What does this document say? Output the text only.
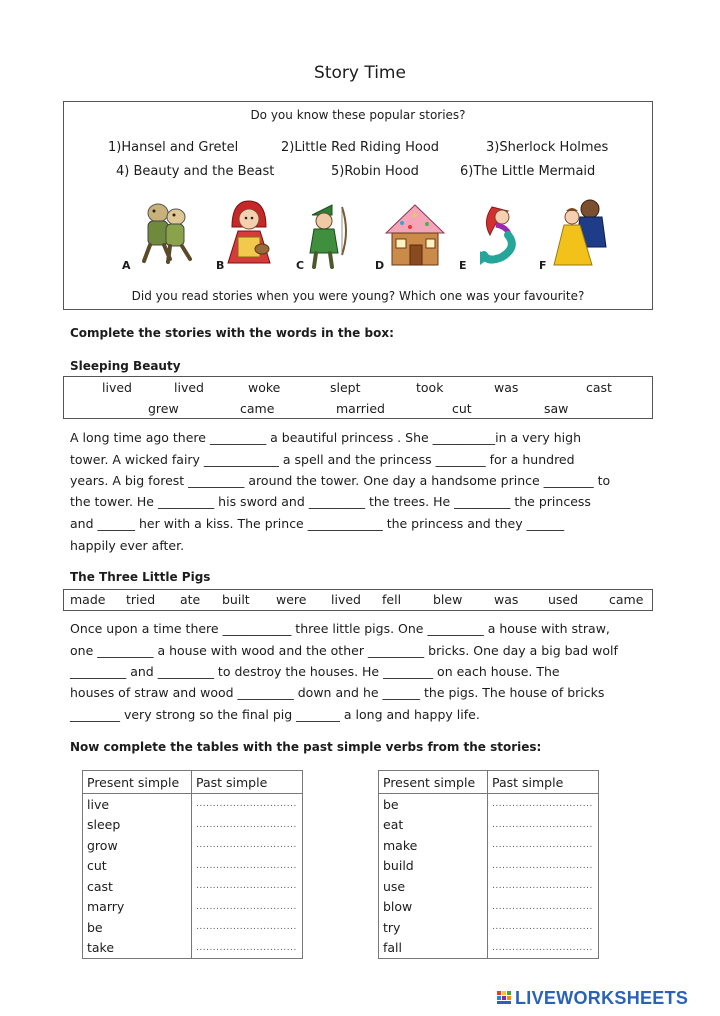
Story Time
Do you know these popular stories?
1)Hansel and Gretel	2)Little Red Riding Hood	3)Sherlock Holmes
4) Beauty and the Beast	5)Robin Hood	6)The Little Mermaid
A	B	C	D	E	F
Did you read stories when you were young? Which one was your favourite?
Complete the stories with the words in the box:
Sleeping Beauty
lived	lived	woke	slept	took	was	cast
grew	came	married	cut	saw
A long time ago there _________ a beautiful princess . She __________in a very high
tower. A wicked fairy ____________ a spell and the princess ________ for a hundred
years. A big forest _________ around the tower. One day a handsome prince ________ to
the tower. He _________ his sword and _________ the trees. He _________ the princess
and ______ her with a kiss. The prince ____________ the princess and they ______
happily ever after.
The Three Little Pigs
made tried ate built were lived fell	blew	was used came
Once upon a time there ___________ three little pigs. One _________ a house with straw,
one _________ a house with wood and the other _________ bricks. One day a big bad wolf
_________ and _________ to destroy the houses. He ________ on each house. The
houses of straw and wood _________ down and he ______ the pigs. The house of bricks
________ very strong so the final pig _______ a long and happy life.
Now complete the tables with the past simple verbs from the stories:
Present simple	Past simple
live	..............................
sleep	..............................
grow	..............................
cut	..............................
cast	..............................
marry	..............................
be	..............................
take	..............................
Present simple	Past simple
be	..............................
eat	..............................
make	..............................
build	..............................
use	..............................
blow	..............................
try	..............................
fall	..............................
LIVEWORKSHEETS
